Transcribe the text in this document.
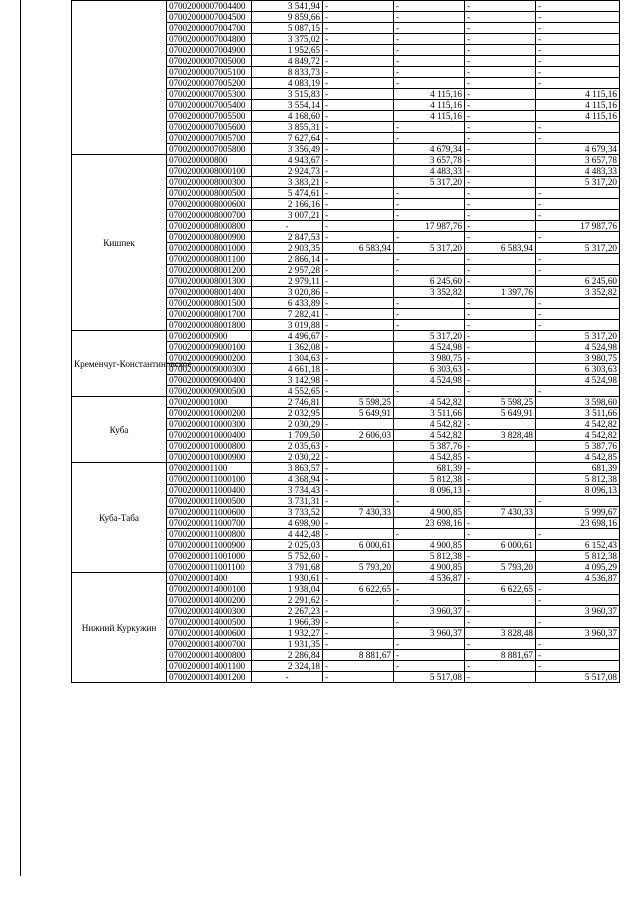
	07002000007004400	3 541,94	-	-	-	-
	07002000007004500	9 859,66	-	-	-	-
	07002000007004700	5 087,15	-	-	-	-
	07002000007004800	3 375,02	-	-	-	-
	07002000007004900	1 952,65	-	-	-	-
	07002000007005000	4 849,72	-	-	-	-
	07002000007005100	8 833,73	-	-	-	-
	07002000007005200	4 083,19	-	-	-	-
	07002000007005300	3 515,83	-	4 115,16	-	4 115,16
	07002000007005400	3 554,14	-	4 115,16	-	4 115,16
	07002000007005500	4 168,60	-	4 115,16	-	4 115,16
	07002000007005600	3 855,31	-	-	-	-
	07002000007005700	7 627,64	-	-	-	-
	07002000007005800	3 356,49	-	4 679,34	-	4 679,34
Кишпек	0700200000800	4 943,67	-	3 657,78	-	3 657,78
	07002000008000100	2 924,73	-	4 483,33	-	4 483,33
	07002000008000300	3 383,21	-	5 317,20	-	5 317,20
	07002000008000500	5 474,61	-	-	-	-
	07002000008000600	2 166,16	-	-	-	-
	07002000008000700	3 007,21	-	-	-	-
	07002000008000800	-	-	17 987,76	-	17 987,76
	07002000008000900	2 847,53	-	-	-	-
	07002000008001000	2 903,35	6 583,94	5 317,20	6 583,94	5 317,20
	07002000008001100	2 866,14	-	-	-	-
	07002000008001200	2 957,28	-	-	-	-
	07002000008001300	2 979,11	-	6 245,60	-	6 245,60
	07002000008001400	3 020,86	-	3 352,82	1 397,76	3 352,82
	07002000008001500	6 433,89	-	-	-	-
	07002000008001700	7 282,41	-	-	-	-
	07002000008001800	3 019,88	-	-	-	-
Кременчуг-Константиновское	0700200000900	4 496,67	-	5 317,20	-	5 317,20
	07002000009000100	1 362,08	-	4 524,98	-	4 524,98
	07002000009000200	1 304,63	-	3 980,75	-	3 980,75
	07002000009000300	4 661,18	-	6 303,63	-	6 303,63
	07002000009000400	3 142,98	-	4 524,98	-	4 524,98
	07002000009000500	4 552,65	-	-	-	-
Куба	0700200001000	2 746,81	5 598,25	4 542,82	5 598,25	3 598,60
	07002000010000200	2 032,95	5 649,91	3 511,66	5 649,91	3 511,66
	07002000010000300	2 030,29	-	4 542,82	-	4 542,82
	07002000010000400	1 709,50	2 606,03	4 542,82	3 828,48	4 542,82
	07002000010000800	2 035,63	-	5 387,76	-	5 387,76
	07002000010000900	2 030,22	-	4 542,85	-	4 542,85
Куба-Таба	0700200001100	3 863,57	-	681,39	-	681,39
	07002000011000100	4 368,94	-	5 812,38	-	5 812,38
	07002000011000400	3 734,43	-	8 096,13	-	8 096,13
	07002000011000500	3 731,31	-	-	-	-
	07002000011000600	3 733,52	7 430,33	4 900,85	7 430,33	5 999,67
	07002000011000700	4 698,90	-	23 698,16	-	23 698,16
	07002000011000800	4 442,48	-	-	-	-
	07002000011000900	2 025,03	6 000,61	4 900,85	6 000,61	6 152,43
	07002000011001000	5 752,60	-	5 812,38	-	5 812,38
	07002000011001100	3 791,68	5 793,20	4 900,85	5 793,20	4 095,29
Нижний Куркужин	0700200001400	1 930,61	-	4 536,87	-	4 536,87
	07002000014000100	1 938,04	6 622,65	-	6 622,65	-
	07002000014000200	2 291,62	-	-	-	-
	07002000014000300	2 267,23	-	3 960,37	-	3 960,37
	07002000014000500	1 966,39	-	-	-	-
	07002000014000600	1 932,27	-	3 960,37	3 828,48	3 960,37
	07002000014000700	1 931,35	-	-	-	-
	07002000014000800	2 286,84	8 881,67	-	8 881,67	-
	07002000014001100	2 324,18	-	-	-	-
	07002000014001200	-	-	5 517,08	-	5 517,08
